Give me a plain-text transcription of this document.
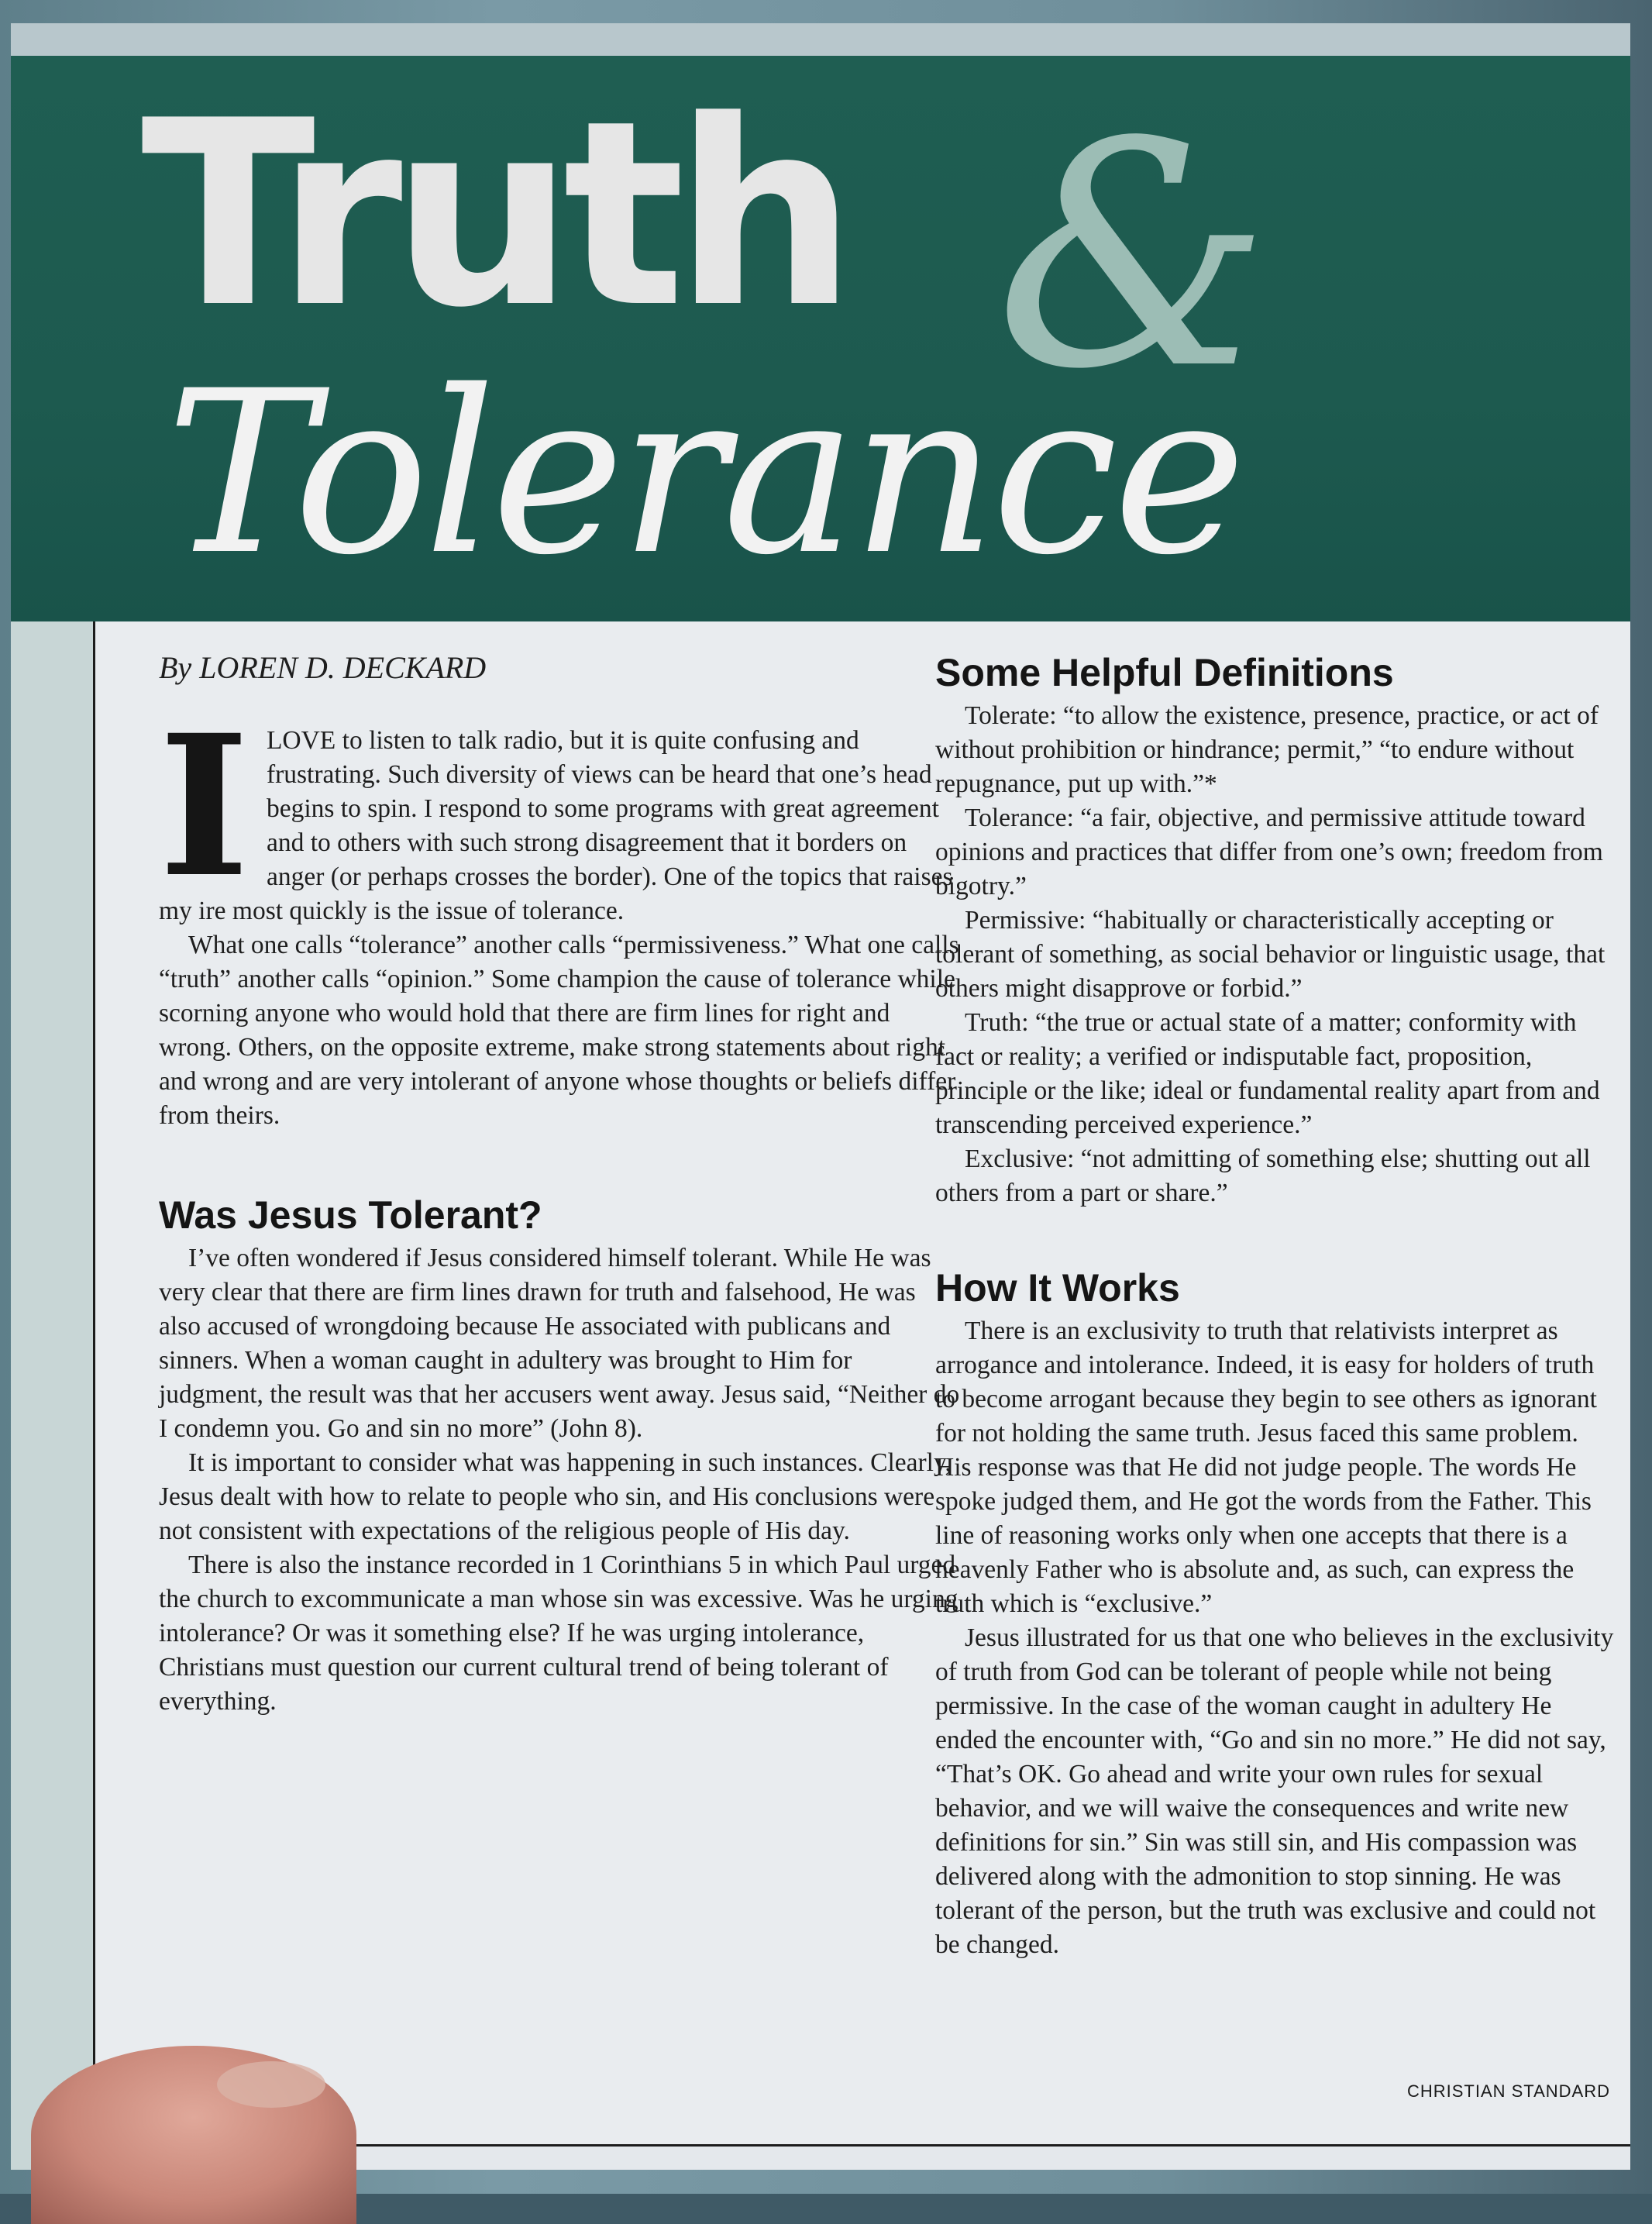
Truth &
Tolerance

By LOREN D. DECKARD

ILOVE to listen to talk radio, but it is quite confusing and frustrating. Such diversity of views can be heard that one’s head begins to spin. I respond to some programs with great agreement and to others with such strong disagreement that it borders on anger (or perhaps crosses the border). One of the topics that raises my ire most quickly is the issue of tolerance.

What one calls “tolerance” another calls “permissiveness.” What one calls “truth” another calls “opinion.” Some champion the cause of tolerance while scorning anyone who would hold that there are firm lines for right and wrong. Others, on the opposite extreme, make strong statements about right and wrong and are very intolerant of anyone whose thoughts or beliefs differ from theirs.

Was Jesus Tolerant?

I’ve often wondered if Jesus considered himself tolerant. While He was very clear that there are firm lines drawn for truth and falsehood, He was also accused of wrongdoing because He associated with publicans and sinners. When a woman caught in adultery was brought to Him for judgment, the result was that her accusers went away. Jesus said, “Neither do I condemn you. Go and sin no more” (John 8).

It is important to consider what was happening in such instances. Clearly, Jesus dealt with how to relate to people who sin, and His conclusions were not consistent with expectations of the religious people of His day.

There is also the instance recorded in 1 Corinthians 5 in which Paul urged the church to excommunicate a man whose sin was excessive. Was he urging intolerance? Or was it something else? If he was urging intolerance, Christians must question our current cultural trend of being tolerant of everything.

Some Helpful Definitions

Tolerate: “to allow the existence, presence, practice, or act of without prohibition or hindrance; permit,” “to endure without repugnance, put up with.”*

Tolerance: “a fair, objective, and permissive attitude toward opinions and practices that differ from one’s own; freedom from bigotry.”

Permissive: “habitually or characteristically accepting or tolerant of something, as social behavior or linguistic usage, that others might disapprove or forbid.”

Truth: “the true or actual state of a matter; conformity with fact or reality; a verified or indisputable fact, proposition, principle or the like; ideal or fundamental reality apart from and transcending perceived experience.”

Exclusive: “not admitting of something else; shutting out all others from a part or share.”

How It Works

There is an exclusivity to truth that relativists interpret as arrogance and intolerance. Indeed, it is easy for holders of truth to become arrogant because they begin to see others as ignorant for not holding the same truth. Jesus faced this same problem. His response was that He did not judge people. The words He spoke judged them, and He got the words from the Father. This line of reasoning works only when one accepts that there is a heavenly Father who is absolute and, as such, can express the truth which is “exclusive.”

Jesus illustrated for us that one who believes in the exclusivity of truth from God can be tolerant of people while not being permissive. In the case of the woman caught in adultery He ended the encounter with, “Go and sin no more.” He did not say, “That’s OK. Go ahead and write your own rules for sexual behavior, and we will waive the consequences and write new definitions for sin.” Sin was still sin, and His compassion was delivered along with the admonition to stop sinning. He was tolerant of the person, but the truth was exclusive and could not be changed.

CHRISTIAN STANDARD
